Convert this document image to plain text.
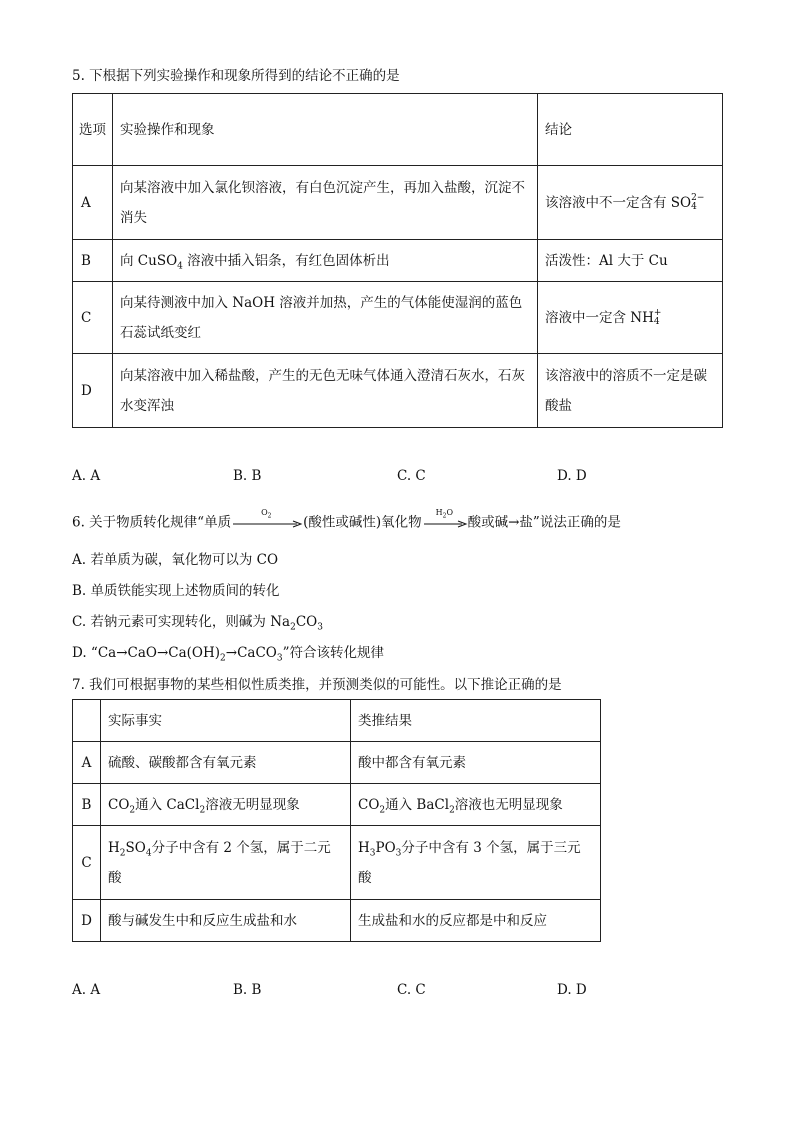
5. 下根据下列实验操作和现象所得到的结论不正确的是
选项	实验操作和现象	结论
A	向某溶液中加入氯化钡溶液，有白色沉淀产生，再加入盐酸，沉淀不消失	该溶液中不一定含有 SO 2−
4

B	向 CuSO$_4$ 溶液中插入铝条，有红色固体析出	活泼性：Al 大于 Cu
C	向某待测液中加入 NaOH 溶液并加热，产生的气体能使湿润的蓝色石蕊试纸变红	溶液中一定含 NH +
4

D	向某溶液中加入稀盐酸，产生的无色无味气体通入澄清石灰水，石灰水变浑浊	该溶液中的溶质不一定是碳酸盐
A. A	B. B	C. C	D. D
6. 关于物质转化规律“单质
$O_2$ (酸性或碱性)氧化物
$H_2O$
酸或碱→盐”说法正确的是
A. 若单质为碳，氧化物可以为 CO
B. 单质铁能实现上述物质间的转化
C. 若钠元素可实现转化，则碱为 $Na_2CO_3$
D. “$Ca\to CaO\to Ca(OH)_2\to CaCO_3$”符合该转化规律
7. 我们可根据事物的某些相似性质类推，并预测类似的可能性。以下推论正确的是
	实际事实	类推结果
A	硫酸、碳酸都含有氧元素	酸中都含有氧元素
B	$CO_2$通入 CaCl$_2$溶液无明显现象	$CO_2$通入 BaCl$_2$溶液也无明显现象
C	$H_2SO_4$分子中含有 2 个氢，属于二元酸	$H_3PO_3$分子中含有 3 个氢，属于三元酸
D	酸与碱发生中和反应生成盐和水	生成盐和水的反应都是中和反应
A. A	B. B	C. C	D. D
